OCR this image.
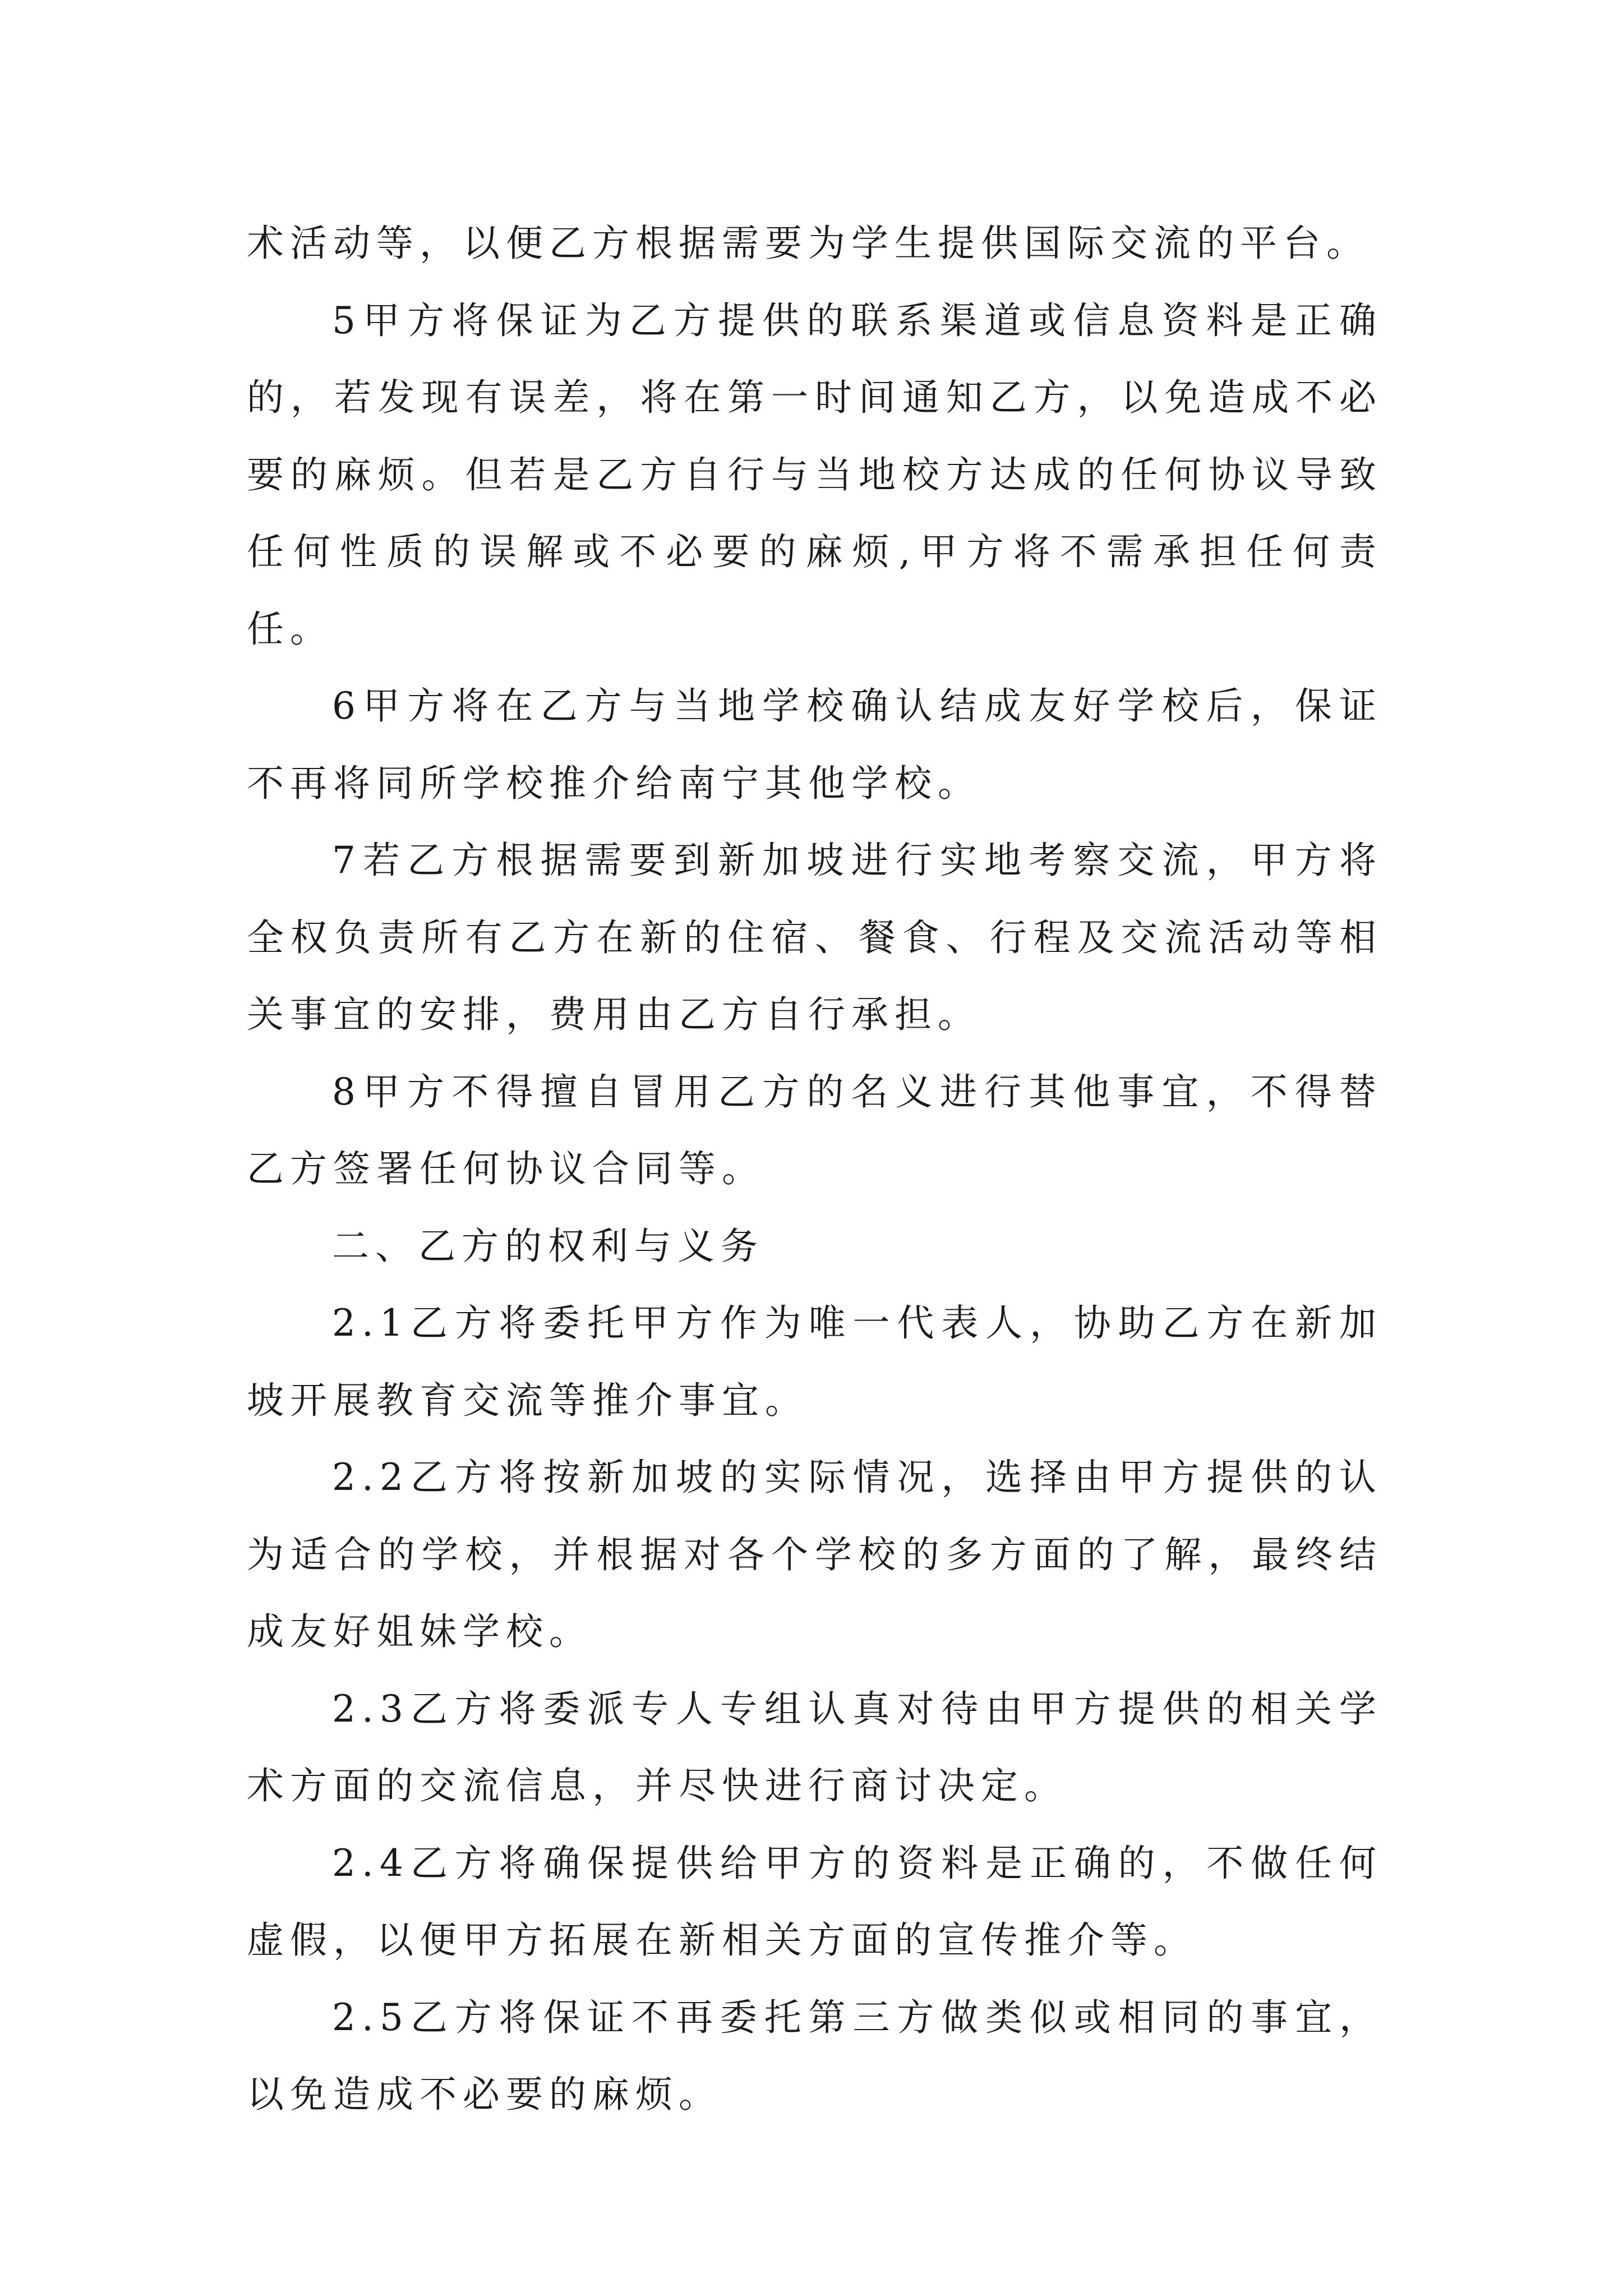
术活动等，以便乙方根据需要为学生提供国际交流的平台。

5甲方将保证为乙方提供的联系渠道或信息资料是正确的，若发现有误差，将在第一时间通知乙方，以免造成不必要的麻烦。但若是乙方自行与当地校方达成的任何协议导致任何性质的误解或不必要的麻烦,甲方将不需承担任何责任。

6甲方将在乙方与当地学校确认结成友好学校后，保证不再将同所学校推介给南宁其他学校。

7若乙方根据需要到新加坡进行实地考察交流，甲方将全权负责所有乙方在新的住宿、餐食、行程及交流活动等相关事宜的安排，费用由乙方自行承担。

8甲方不得擅自冒用乙方的名义进行其他事宜，不得替乙方签署任何协议合同等。

二、乙方的权利与义务

2.1乙方将委托甲方作为唯一代表人，协助乙方在新加坡开展教育交流等推介事宜。

2.2乙方将按新加坡的实际情况，选择由甲方提供的认为适合的学校，并根据对各个学校的多方面的了解，最终结成友好姐妹学校。

2.3乙方将委派专人专组认真对待由甲方提供的相关学术方面的交流信息，并尽快进行商讨决定。

2.4乙方将确保提供给甲方的资料是正确的，不做任何虚假，以便甲方拓展在新相关方面的宣传推介等。

2.5乙方将保证不再委托第三方做类似或相同的事宜，以免造成不必要的麻烦。
